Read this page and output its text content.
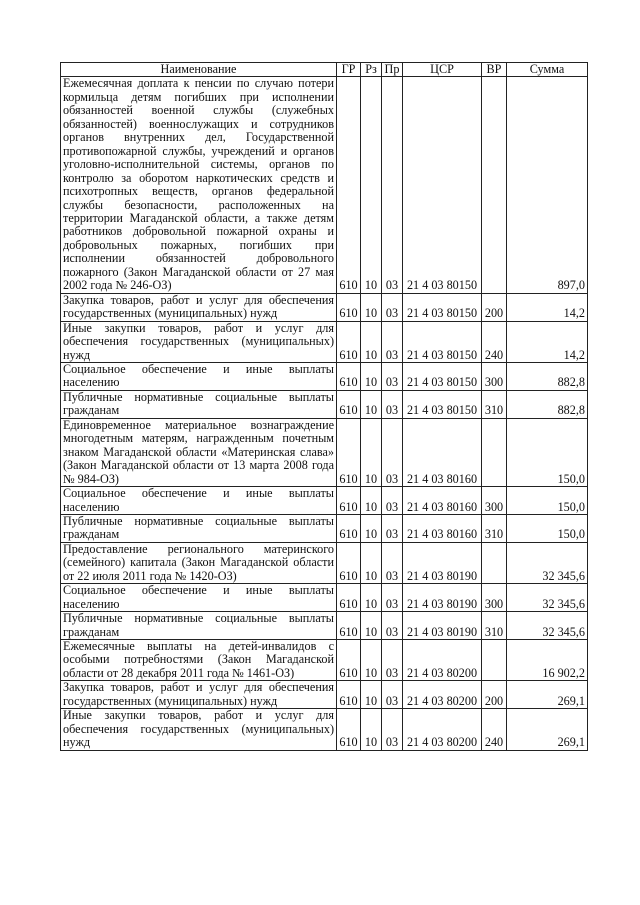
Наименование	ГР	Рз	Пр	ЦСР	ВР	Сумма
Ежемесячная доплата к пенсии по случаю потери кормильца детям погибших при исполнении обязанностей военной службы (служебных обязанностей) военнослужащих и сотрудников органов внутренних дел, Государственной противопожарной службы, учреждений и органов уголовно-исполнительной системы, органов по контролю за оборотом наркотических средств и психотропных веществ, органов федеральной службы безопасности, расположенных на территории Магаданской области, а также детям работников добровольной пожарной охраны и добровольных пожарных, погибших при исполнении обязанностей добровольного пожарного (Закон Магаданской области от 27 мая 2002 года № 246-ОЗ)	610	10	03	21 4 03 80150		897,0
Закупка товаров, работ и услуг для обеспечения государственных (муниципальных) нужд	610	10	03	21 4 03 80150	200	14,2
Иные закупки товаров, работ и услуг для обеспечения государственных (муниципальных) нужд	610	10	03	21 4 03 80150	240	14,2
Социальное обеспечение и иные выплаты населению	610	10	03	21 4 03 80150	300	882,8
Публичные нормативные социальные выплаты гражданам	610	10	03	21 4 03 80150	310	882,8
Единовременное материальное вознаграждение многодетным матерям, награжденным почетным знаком Магаданской области «Материнская слава» (Закон Магаданской области от 13 марта 2008 года № 984-ОЗ)	610	10	03	21 4 03 80160		150,0
Социальное обеспечение и иные выплаты населению	610	10	03	21 4 03 80160	300	150,0
Публичные нормативные социальные выплаты гражданам	610	10	03	21 4 03 80160	310	150,0
Предоставление регионального материнского (семейного) капитала (Закон Магаданской области от 22 июля 2011 года № 1420-ОЗ)	610	10	03	21 4 03 80190		32 345,6
Социальное обеспечение и иные выплаты населению	610	10	03	21 4 03 80190	300	32 345,6
Публичные нормативные социальные выплаты гражданам	610	10	03	21 4 03 80190	310	32 345,6
Ежемесячные выплаты на детей-инвалидов с особыми потребностями (Закон Магаданской области от 28 декабря 2011 года № 1461-ОЗ)	610	10	03	21 4 03 80200		16 902,2
Закупка товаров, работ и услуг для обеспечения государственных (муниципальных) нужд	610	10	03	21 4 03 80200	200	269,1
Иные закупки товаров, работ и услуг для обеспечения государственных (муниципальных) нужд	610	10	03	21 4 03 80200	240	269,1
